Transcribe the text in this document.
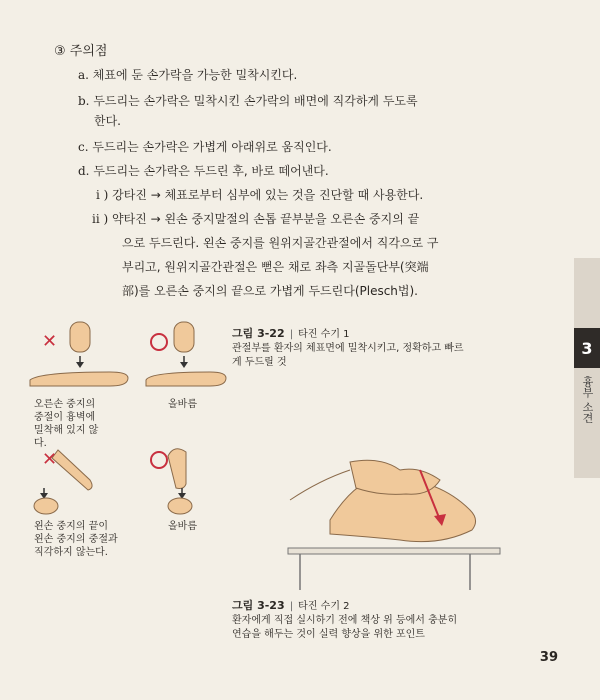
3
흉부 소견
③ 주의점
a. 체표에 둔 손가락을 가능한 밀착시킨다.
b. 두드리는 손가락은 밀착시킨 손가락의 배면에 직각하게 두도록
한다.
c. 두드리는 손가락은 가볍게 아래위로 움직인다.
d. 두드리는 손가락은 두드린 후, 바로 떼어낸다.
i ) 강타진 → 체표로부터 심부에 있는 것을 진단할 때 사용한다.
ii ) 약타진 → 왼손 중지말절의 손톱 끝부분을 오른손 중지의 끝
으로 두드린다. 왼손 중지를 원위지골간관절에서 직각으로 구
부리고, 원위지골간관절은 뻗은 채로 좌측 지골돌단부(突端
部)를 오른손 중지의 끝으로 가볍게 두드린다(Plesch법).
✕
✕
오른손 중지의
중절이 흉벽에
밀착해 있지 않
다.
올바름
왼손 중지의 끝이
왼손 중지의 중절과
직각하지 않는다.
올바름
그림 3-22 | 타진 수기 1
관절부를 환자의 체표면에 밀착시키고, 정확하고 빠르
게 두드릴 것
그림 3-23 | 타진 수기 2
환자에게 직접 실시하기 전에 책상 위 등에서 충분히
연습을 해두는 것이 실력 향상을 위한 포인트
39
